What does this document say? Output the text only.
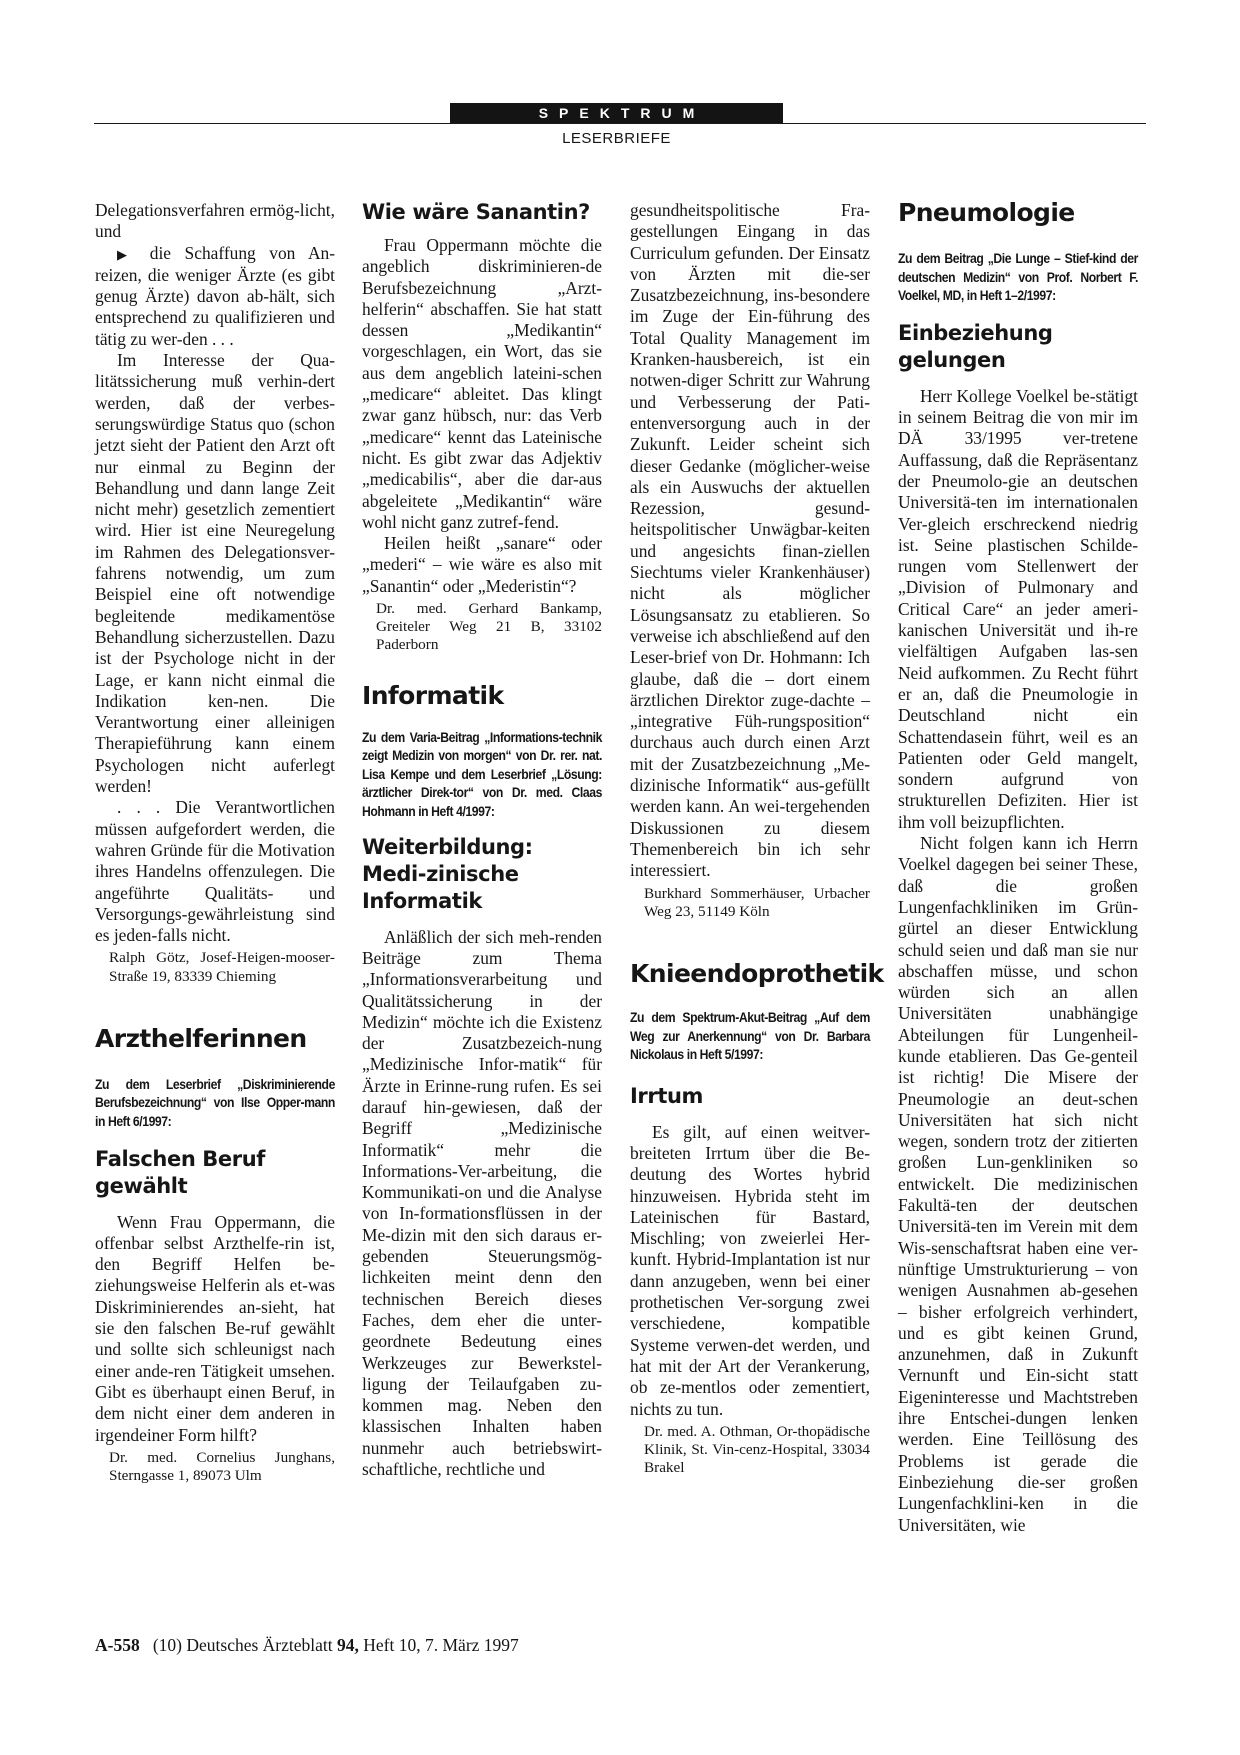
SPEKTRUM
LESERBRIEFE

Delegationsverfahren ermög-licht, und

▶ die Schaffung von An-reizen, die weniger Ärzte (es gibt genug Ärzte) davon ab-hält, sich entsprechend zu qualifizieren und tätig zu wer-den . . .

Im Interesse der Qua-litätssicherung muß verhin-dert werden, daß der verbes-serungswürdige Status quo (schon jetzt sieht der Patient den Arzt oft nur einmal zu Beginn der Behandlung und dann lange Zeit nicht mehr) gesetzlich zementiert wird. Hier ist eine Neuregelung im Rahmen des Delegationsver-fahrens notwendig, um zum Beispiel eine oft notwendige begleitende medikamentöse Behandlung sicherzustellen. Dazu ist der Psychologe nicht in der Lage, er kann nicht einmal die Indikation ken-nen. Die Verantwortung einer alleinigen Therapieführung kann einem Psychologen nicht auferlegt werden!

. . . Die Verantwortlichen müssen aufgefordert werden, die wahren Gründe für die Motivation ihres Handelns offenzulegen. Die angeführte Qualitäts- und Versorgungs-gewährleistung sind es jeden-falls nicht.

Ralph Götz, Josef-Heigen-mooser-Straße 19, 83339 Chieming

Arzthelferinnen
Zu dem Leserbrief „Diskriminierende Berufsbezeichnung“ von Ilse Opper-mann in Heft 6/1997:
Falschen Beruf gewählt

Wenn Frau Oppermann, die offenbar selbst Arzthelfe-rin ist, den Begriff Helfen be-ziehungsweise Helferin als et-was Diskriminierendes an-sieht, hat sie den falschen Be-ruf gewählt und sollte sich schleunigst nach einer ande-ren Tätigkeit umsehen. Gibt es überhaupt einen Beruf, in dem nicht einer dem anderen in irgendeiner Form hilft?

Dr. med. Cornelius Junghans, Sterngasse 1, 89073 Ulm

Wie wäre Sanantin?

Frau Oppermann möchte die angeblich diskriminieren-de Berufsbezeichnung „Arzt-helferin“ abschaffen. Sie hat statt dessen „Medikantin“ vorgeschlagen, ein Wort, das sie aus dem angeblich lateini-schen „medicare“ ableitet. Das klingt zwar ganz hübsch, nur: das Verb „medicare“ kennt das Lateinische nicht. Es gibt zwar das Adjektiv „medicabilis“, aber die dar-aus abgeleitete „Medikantin“ wäre wohl nicht ganz zutref-fend.

Heilen heißt „sanare“ oder „mederi“ – wie wäre es also mit „Sanantin“ oder „Mederistin“?

Dr. med. Gerhard Bankamp, Greiteler Weg 21 B, 33102 Paderborn

Informatik
Zu dem Varia-Beitrag „Informations-technik zeigt Medizin von morgen“ von Dr. rer. nat. Lisa Kempe und dem Leserbrief „Lösung: ärztlicher Direk-tor“ von Dr. med. Claas Hohmann in Heft 4/1997:
Weiterbildung: Medi-zinische Informatik

Anläßlich der sich meh-renden Beiträge zum Thema „Informationsverarbeitung und Qualitätssicherung in der Medizin“ möchte ich die Existenz der Zusatzbezeich-nung „Medizinische Infor-matik“ für Ärzte in Erinne-rung rufen. Es sei darauf hin-gewiesen, daß der Begriff „Medizinische Informatik“ mehr die Informations-Ver-arbeitung, die Kommunikati-on und die Analyse von In-formationsflüssen in der Me-dizin mit den sich daraus er-gebenden Steuerungsmög-lichkeiten meint denn den technischen Bereich dieses Faches, dem eher die unter-geordnete Bedeutung eines Werkzeuges zur Bewerkstel-ligung der Teilaufgaben zu-kommen mag. Neben den klassischen Inhalten haben nunmehr auch betriebswirt-schaftliche, rechtliche und

gesundheitspolitische Fra-gestellungen Eingang in das Curriculum gefunden. Der Einsatz von Ärzten mit die-ser Zusatzbezeichnung, ins-besondere im Zuge der Ein-führung des Total Quality Management im Kranken-hausbereich, ist ein notwen-diger Schritt zur Wahrung und Verbesserung der Pati-entenversorgung auch in der Zukunft. Leider scheint sich dieser Gedanke (möglicher-weise als ein Auswuchs der aktuellen Rezession, gesund-heitspolitischer Unwägbar-keiten und angesichts finan-ziellen Siechtums vieler Krankenhäuser) nicht als möglicher Lösungsansatz zu etablieren. So verweise ich abschließend auf den Leser-brief von Dr. Hohmann: Ich glaube, daß die – dort einem ärztlichen Direktor zuge-dachte – „integrative Füh-rungsposition“ durchaus auch durch einen Arzt mit der Zusatzbezeichnung „Me-dizinische Informatik“ aus-gefüllt werden kann. An wei-tergehenden Diskussionen zu diesem Themenbereich bin ich sehr interessiert.

Burkhard Sommerhäuser, Urbacher Weg 23, 51149 Köln

Knieendoprothetik
Zu dem Spektrum-Akut-Beitrag „Auf dem Weg zur Anerkennung“ von Dr. Barbara Nickolaus in Heft 5/1997:
Irrtum

Es gilt, auf einen weitver-breiteten Irrtum über die Be-deutung des Wortes hybrid hinzuweisen. Hybrida steht im Lateinischen für Bastard, Mischling; von zweierlei Her-kunft. Hybrid-Implantation ist nur dann anzugeben, wenn bei einer prothetischen Ver-sorgung zwei verschiedene, kompatible Systeme verwen-det werden, und hat mit der Art der Verankerung, ob ze-mentlos oder zementiert, nichts zu tun.

Dr. med. A. Othman, Or-thopädische Klinik, St. Vin-cenz-Hospital, 33034 Brakel

Pneumologie
Zu dem Beitrag „Die Lunge – Stief-kind der deutschen Medizin“ von Prof. Norbert F. Voelkel, MD, in Heft 1–2/1997:
Einbeziehung gelungen

Herr Kollege Voelkel be-stätigt in seinem Beitrag die von mir im DÄ 33/1995 ver-tretene Auffassung, daß die Repräsentanz der Pneumolo-gie an deutschen Universitä-ten im internationalen Ver-gleich erschreckend niedrig ist. Seine plastischen Schilde-rungen vom Stellenwert der „Division of Pulmonary and Critical Care“ an jeder ameri-kanischen Universität und ih-re vielfältigen Aufgaben las-sen Neid aufkommen. Zu Recht führt er an, daß die Pneumologie in Deutschland nicht ein Schattendasein führt, weil es an Patienten oder Geld mangelt, sondern aufgrund von strukturellen Defiziten. Hier ist ihm voll beizupflichten.

Nicht folgen kann ich Herrn Voelkel dagegen bei seiner These, daß die großen Lungenfachkliniken im Grün-gürtel an dieser Entwicklung schuld seien und daß man sie nur abschaffen müsse, und schon würden sich an allen Universitäten unabhängige Abteilungen für Lungenheil-kunde etablieren. Das Ge-genteil ist richtig! Die Misere der Pneumologie an deut-schen Universitäten hat sich nicht wegen, sondern trotz der zitierten großen Lun-genkliniken so entwickelt. Die medizinischen Fakultä-ten der deutschen Universitä-ten im Verein mit dem Wis-senschaftsrat haben eine ver-nünftige Umstrukturierung – von wenigen Ausnahmen ab-gesehen – bisher erfolgreich verhindert, und es gibt keinen Grund, anzunehmen, daß in Zukunft Vernunft und Ein-sicht statt Eigeninteresse und Machtstreben ihre Entschei-dungen lenken werden. Eine Teillösung des Problems ist gerade die Einbeziehung die-ser großen Lungenfachklini-ken in die Universitäten, wie

A-558 (10) Deutsches Ärzteblatt 94, Heft 10, 7. März 1997
